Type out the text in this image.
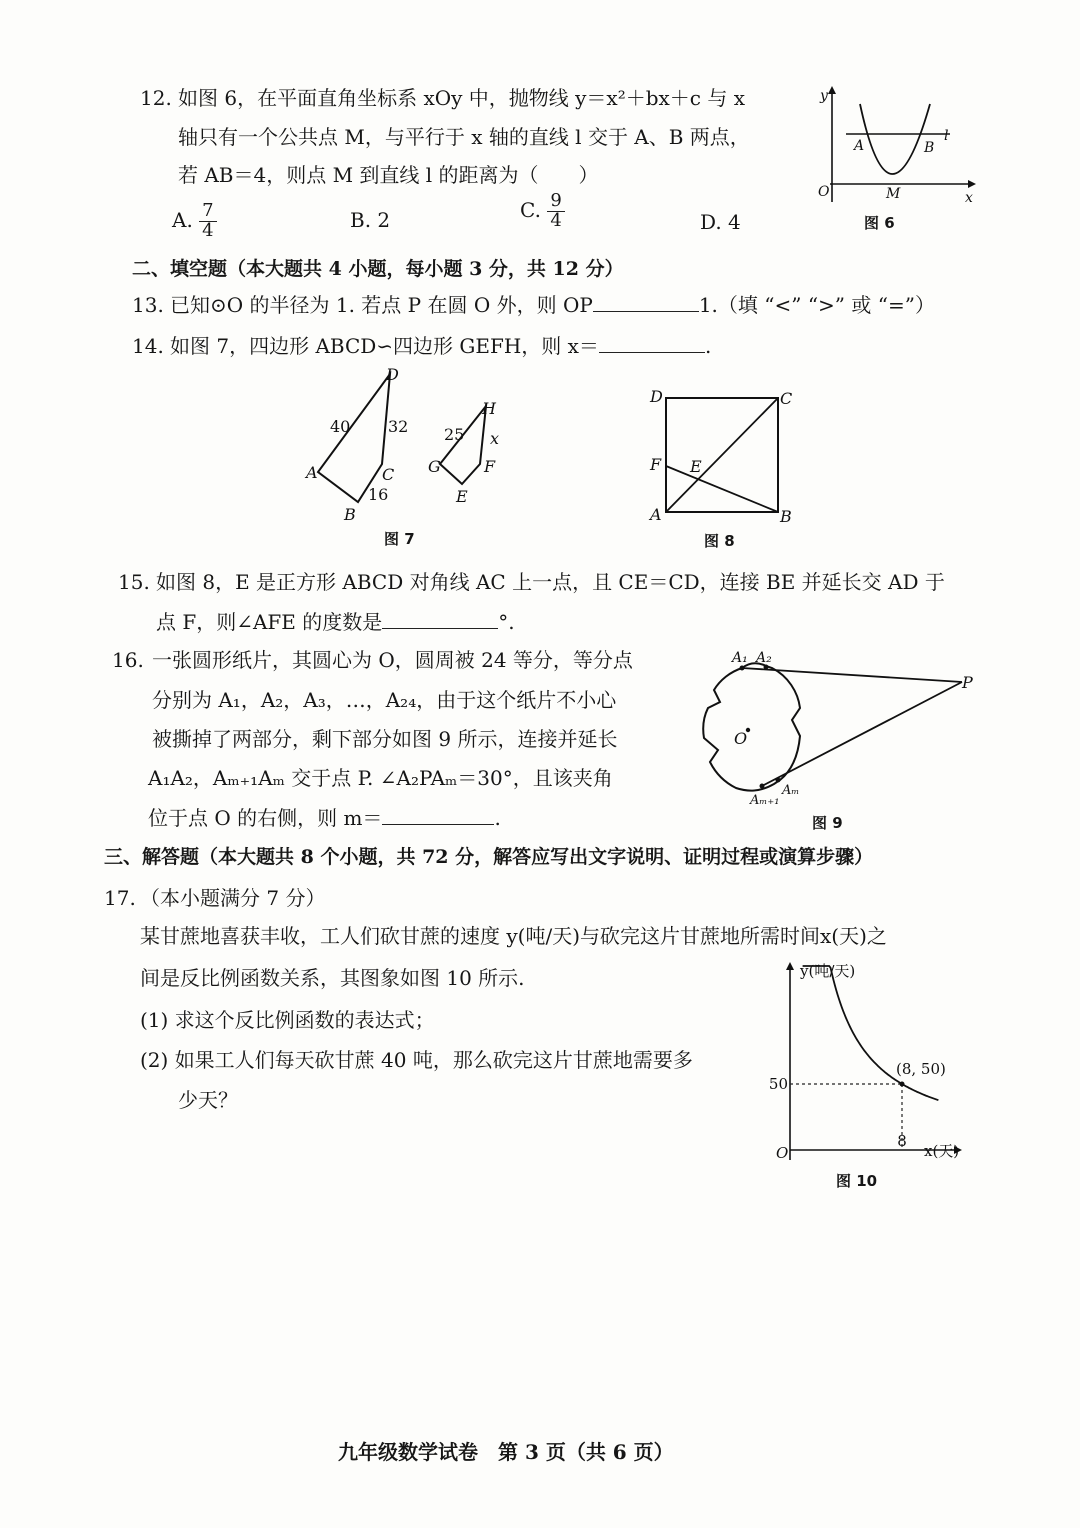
12. 如图 6，在平面直角坐标系 xOy 中，抛物线 y＝x²＋bx＋c 与 x
轴只有一个公共点 M，与平行于 x 轴的直线 l 交于 A、B 两点，
若 AB＝4，则点 M 到直线 l 的距离为（　　）
A. $\frac{7}{4}$	B. 2	C. $\frac{9}{4}$	D. 4
y
x
O
A	B
M
l
图 6
二、填空题（本大题共 4 小题，每小题 3 分，共 12 分）
13. 已知⊙O 的半径为 1. 若点 P 在圆 O 外，则 OP	1.（填 “<” “>” 或 “=”）
14. 如图 7，四边形 ABCD∽四边形 GEFH，则 x＝	.
D
A
B
C
40 32
16
H
G
E
F
25 x
图 7
D	C
A	B
F E
图 8
15. 如图 8，E 是正方形 ABCD 对角线 AC 上一点，且 CE＝CD，连接 BE 并延长交 AD 于
点 F，则∠AFE 的度数是	°.
16. 一张圆形纸片，其圆心为 O，圆周被 24 等分，等分点
分别为 A₁，A₂，A₃，…，A₂₄，由于这个纸片不小心
被撕掉了两部分，剩下部分如图 9 所示，连接并延长
A₁A₂，Aₘ₊₁Aₘ 交于点 P. ∠A₂PAₘ＝30°，且该夹角
位于点 O 的右侧，则 m＝	.
A₁ A₂
P
O
Aₘ₊₁
Aₘ
图 9
三、解答题（本大题共 8 个小题，共 72 分，解答应写出文字说明、证明过程或演算步骤）
17. （本小题满分 7 分）
某甘蔗地喜获丰收，工人们砍甘蔗的速度 y(吨/天)与砍完这片甘蔗地所需时间x(天)之
间是反比例函数关系，其图象如图 10 所示.
(1) 求这个反比例函数的表达式；
(2) 如果工人们每天砍甘蔗 40 吨，那么砍完这片甘蔗地需要多
少天？
y(吨/天)
x(天)
O
50
8
(8, 50)
图 10
九年级数学试卷　第 3 页（共 6 页）
